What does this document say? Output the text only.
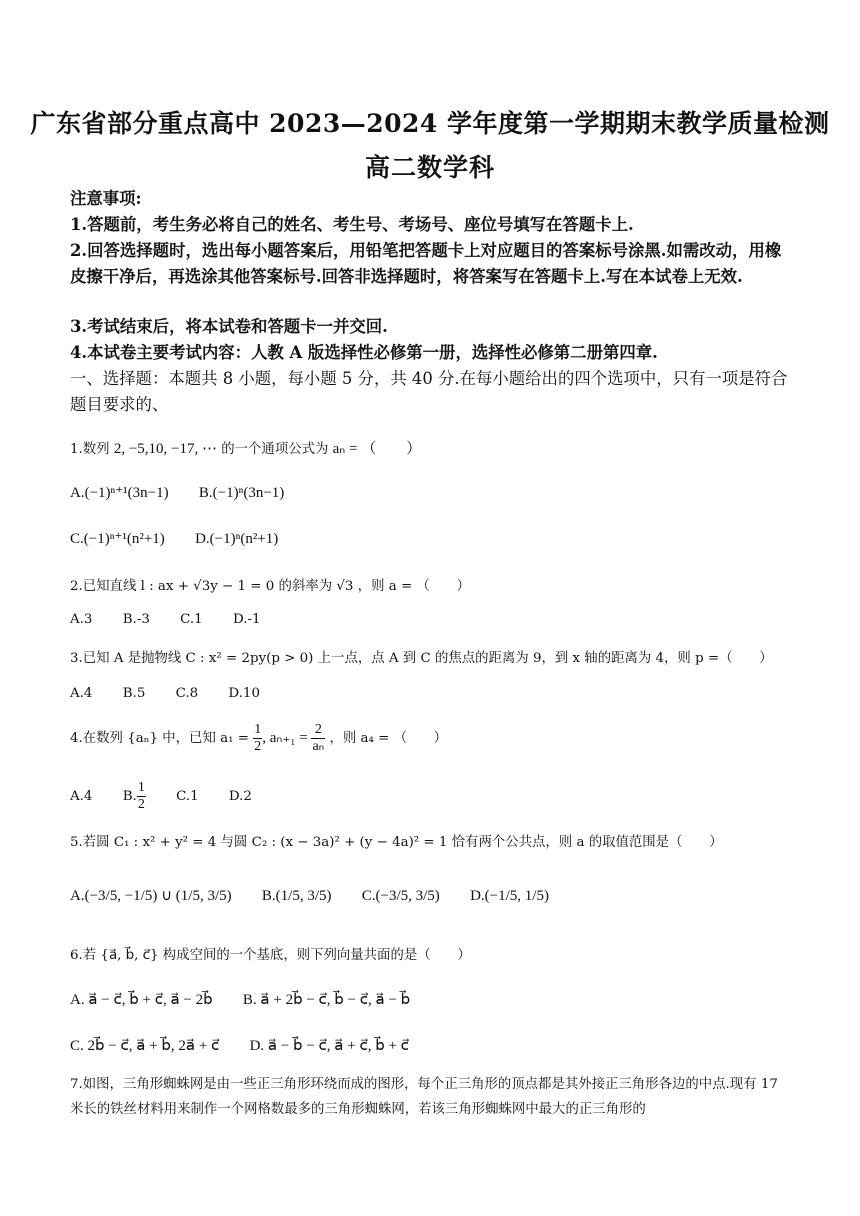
广东省部分重点高中 2023—2024 学年度第一学期期末教学质量检测
高二数学科
注意事项:
1.答题前，考生务必将自己的姓名、考生号、考场号、座位号填写在答题卡上.
2.回答选择题时，选出每小题答案后，用铅笔把答题卡上对应题目的答案标号涂黑.如需改动，用橡皮擦干净后，再选涂其他答案标号.回答非选择题时，将答案写在答题卡上.写在本试卷上无效.
3.考试结束后，将本试卷和答题卡一并交回.
4.本试卷主要考试内容：人教 A 版选择性必修第一册，选择性必修第二册第四章.
一、选择题：本题共 8 小题，每小题 5 分，共 40 分.在每小题给出的四个选项中，只有一项是符合题目要求的、
1.数列 2, −5,10, −17, ⋯ 的一个通项公式为 aₙ = （　　）
A.(−1)ⁿ⁺¹(3n−1) B.(−1)ⁿ(3n−1)
C.(−1)ⁿ⁺¹(n²+1) D.(−1)ⁿ(n²+1)
2.已知直线 l : ax + √3y − 1 = 0 的斜率为 √3 ，则 a = （　　）
A.3 B.-3 C.1 D.-1
3.已知 A 是抛物线 C : x² = 2py(p > 0) 上一点，点 A 到 C 的焦点的距离为 9，到 x 轴的距离为 4，则 p =（　　）
A.4 B.5 C.8 D.10
4.在数列 {aₙ} 中，已知 $a_1 = \frac{1}{2}$ , $a_{n+1} = \frac{2}{\text{aₙ}}$ ，则 a₄ = （　　）
A.4 B. $\frac{1}{2} C.1$ D.2
5.若圆 C₁ : x² + y² = 4 与圆 C₂ : (x − 3a)² + (y − 4a)² = 1 恰有两个公共点，则 a 的取值范围是（　　）
A.(−3/5, −1/5) ∪ (1/5, 3/5) B.(1/5, 3/5) C.(−3/5, 3/5) D.(−1/5, 1/5)
6.若 {a⃗, b⃗, c⃗} 构成空间的一个基底，则下列向量共面的是（　　）
A. a⃗ − c⃗, b⃗ + c⃗, a⃗ − 2b⃗ B. a⃗ + 2b⃗ − c⃗, b⃗ − c⃗, a⃗ − b⃗
C. 2b⃗ − c⃗, a⃗ + b⃗, 2a⃗ + c⃗ D. a⃗ − b⃗ − c⃗, a⃗ + c⃗, b⃗ + c⃗
7.如图，三角形蜘蛛网是由一些正三角形环绕而成的图形，每个正三角形的顶点都是其外接正三角形各边的中点.现有 17 米长的铁丝材料用来制作一个网格数最多的三角形蜘蛛网，若该三角形蜘蛛网中最大的正三角形的
